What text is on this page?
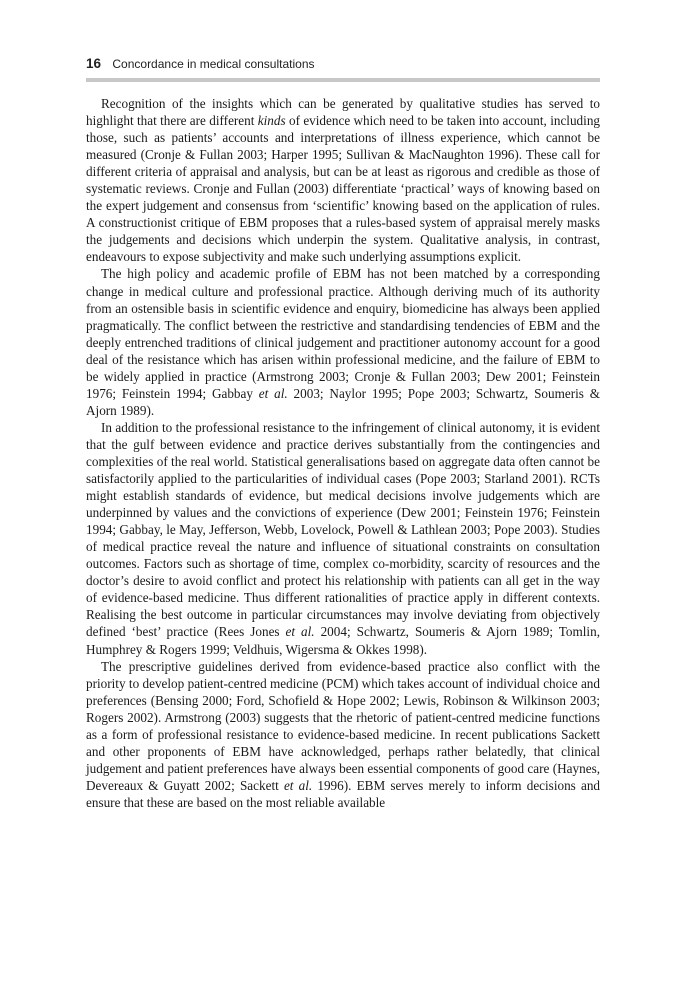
16 Concordance in medical consultations

Recognition of the insights which can be generated by qualitative studies has served to highlight that there are different kinds of evidence which need to be taken into account, including those, such as patients’ accounts and interpretations of illness experience, which cannot be measured (Cronje & Fullan 2003; Harper 1995; Sullivan & MacNaughton 1996). These call for different criteria of appraisal and analysis, but can be at least as rigorous and credible as those of systematic reviews. Cronje and Fullan (2003) differentiate ‘practical’ ways of knowing based on the expert judgement and consensus from ‘scientific’ knowing based on the application of rules. A constructionist critique of EBM proposes that a rules-based system of appraisal merely masks the judgements and decisions which underpin the system. Qualitative analysis, in contrast, endeavours to expose subjectivity and make such underlying assumptions explicit.

The high policy and academic profile of EBM has not been matched by a corresponding change in medical culture and professional practice. Although deriving much of its authority from an ostensible basis in scientific evidence and enquiry, biomedicine has always been applied pragmatically. The conflict between the restrictive and standardising tendencies of EBM and the deeply entrenched traditions of clinical judgement and practitioner autonomy account for a good deal of the resistance which has arisen within professional medicine, and the failure of EBM to be widely applied in practice (Armstrong 2003; Cronje & Fullan 2003; Dew 2001; Feinstein 1976; Feinstein 1994; Gabbay et al. 2003; Naylor 1995; Pope 2003; Schwartz, Soumeris & Ajorn 1989).

In addition to the professional resistance to the infringement of clinical autonomy, it is evident that the gulf between evidence and practice derives substantially from the contingencies and complexities of the real world. Statistical generalisations based on aggregate data often cannot be satisfactorily applied to the particularities of individual cases (Pope 2003; Starland 2001). RCTs might establish standards of evidence, but medical decisions involve judgements which are underpinned by values and the convictions of experience (Dew 2001; Feinstein 1976; Feinstein 1994; Gabbay, le May, Jefferson, Webb, Lovelock, Powell & Lathlean 2003; Pope 2003). Studies of medical practice reveal the nature and influence of situational constraints on consultation outcomes. Factors such as shortage of time, complex co-morbidity, scarcity of resources and the doctor’s desire to avoid conflict and protect his relationship with patients can all get in the way of evidence-based medicine. Thus different rationalities of practice apply in different contexts. Realising the best outcome in particular circumstances may involve deviating from objectively defined ‘best’ practice (Rees Jones et al. 2004; Schwartz, Soumeris & Ajorn 1989; Tomlin, Humphrey & Rogers 1999; Veldhuis, Wigersma & Okkes 1998).

The prescriptive guidelines derived from evidence-based practice also conflict with the priority to develop patient-centred medicine (PCM) which takes account of individual choice and preferences (Bensing 2000; Ford, Schofield & Hope 2002; Lewis, Robinson & Wilkinson 2003; Rogers 2002). Armstrong (2003) suggests that the rhetoric of patient-centred medicine functions as a form of professional resistance to evidence-based medicine. In recent publications Sackett and other proponents of EBM have acknowledged, perhaps rather belatedly, that clinical judgement and patient preferences have always been essential components of good care (Haynes, Devereaux & Guyatt 2002; Sackett et al. 1996). EBM serves merely to inform decisions and ensure that these are based on the most reliable available
